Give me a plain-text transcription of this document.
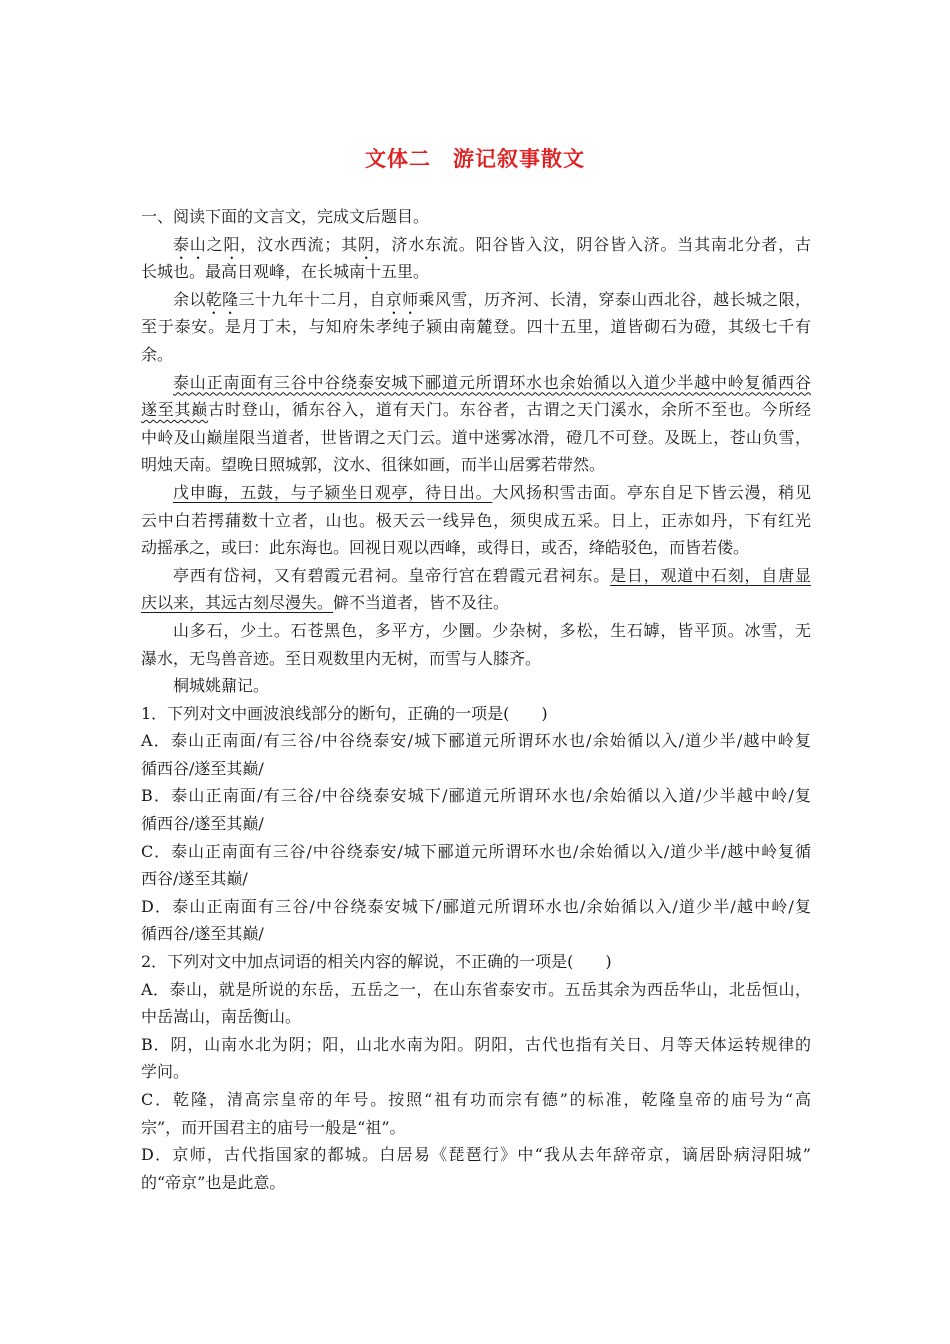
文体二　游记叙事散文
一、阅读下面的文言文，完成文后题目。
泰山之阳，汶水西流；其阴，济水东流。阳谷皆入汶，阴谷皆入济。当其南北分者，古
长城也。最高日观峰，在长城南十五里。
余以乾隆三十九年十二月，自京师乘风雪，历齐河、长清，穿泰山西北谷，越长城之限，
至于泰安。是月丁未，与知府朱孝纯子颍由南麓登。四十五里，道皆砌石为磴，其级七千有
余。
泰山正南面有三谷中谷绕泰安城下郦道元所谓环水也余始循以入道少半越中岭复循西谷
遂至其巅古时登山，循东谷入，道有天门。东谷者，古谓之天门溪水，余所不至也。今所经
中岭及山巅崖限当道者，世皆谓之天门云。道中迷雾冰滑，磴几不可登。及既上，苍山负雪，
明烛天南。望晚日照城郭，汶水、徂徕如画，而半山居雾若带然。
戊申晦，五鼓，与子颍坐日观亭，待日出。大风扬积雪击面。亭东自足下皆云漫，稍见
云中白若摴蒱数十立者，山也。极天云一线异色，须臾成五采。日上，正赤如丹，下有红光
动摇承之，或曰：此东海也。回视日观以西峰，或得日，或否，绛皓驳色，而皆若偻。
亭西有岱祠，又有碧霞元君祠。皇帝行宫在碧霞元君祠东。是日，观道中石刻，自唐显
庆以来，其远古刻尽漫失。僻不当道者，皆不及往。
山多石，少土。石苍黑色，多平方，少圜。少杂树，多松，生石罅，皆平顶。冰雪，无
瀑水，无鸟兽音迹。至日观数里内无树，而雪与人膝齐。
桐城姚鼐记。
1．下列对文中画波浪线部分的断句，正确的一项是(　　)
A．泰山正南面/有三谷/中谷绕泰安/城下郦道元所谓环水也/余始循以入/道少半/越中岭复
循西谷/遂至其巅/
B．泰山正南面/有三谷/中谷绕泰安城下/郦道元所谓环水也/余始循以入道/少半越中岭/复
循西谷/遂至其巅/
C．泰山正南面有三谷/中谷绕泰安/城下郦道元所谓环水也/余始循以入/道少半/越中岭复循
西谷/遂至其巅/
D．泰山正南面有三谷/中谷绕泰安城下/郦道元所谓环水也/余始循以入/道少半/越中岭/复
循西谷/遂至其巅/
2．下列对文中加点词语的相关内容的解说，不正确的一项是(　　)
A．泰山，就是所说的东岳，五岳之一，在山东省泰安市。五岳其余为西岳华山，北岳恒山，
中岳嵩山，南岳衡山。
B．阴，山南水北为阴；阳，山北水南为阳。阴阳，古代也指有关日、月等天体运转规律的
学问。
C．乾隆，清高宗皇帝的年号。按照“祖有功而宗有德”的标准，乾隆皇帝的庙号为“高
宗”，而开国君主的庙号一般是“祖”。
D．京师，古代指国家的都城。白居易《琵琶行》中“我从去年辞帝京，谪居卧病浔阳城”
的“帝京”也是此意。
